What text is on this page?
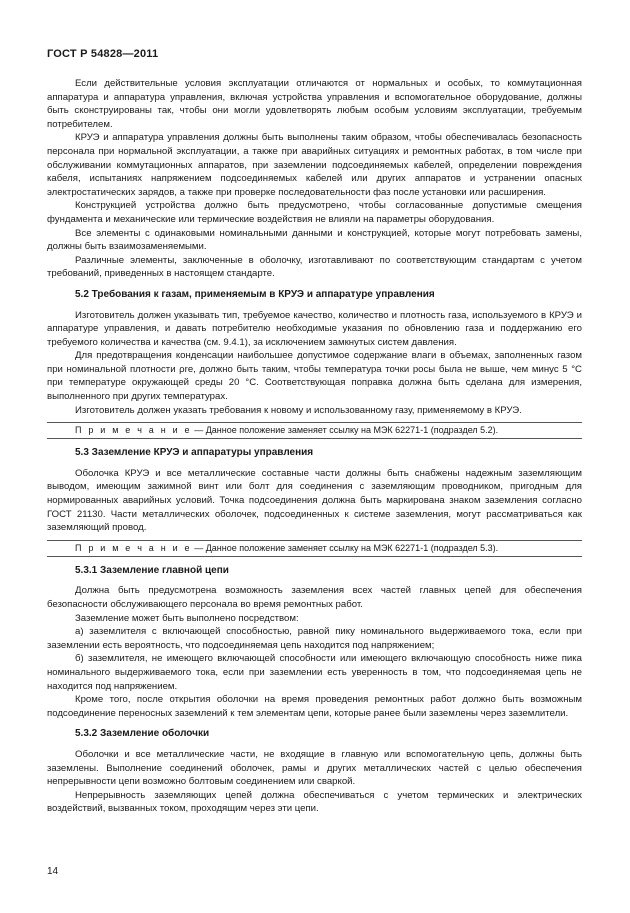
ГОСТ Р 54828—2011

Если действительные условия эксплуатации отличаются от нормальных и особых, то коммутационная аппаратура и аппаратура управления, включая устройства управления и вспомогательное оборудование, должны быть сконструированы так, чтобы они могли удовлетворять любым особым условиям эксплуатации, требуемым потребителем.

КРУЭ и аппаратура управления должны быть выполнены таким образом, чтобы обеспечивалась безопасность персонала при нормальной эксплуатации, а также при аварийных ситуациях и ремонтных работах, в том числе при обслуживании коммутационных аппаратов, при заземлении подсоединяемых кабелей, определении повреждения кабеля, испытаниях напряжением подсоединяемых кабелей или других аппаратов и устранении опасных электростатических зарядов, а также при проверке последовательности фаз после установки или расширения.

Конструкцией устройства должно быть предусмотрено, чтобы согласованные допустимые смещения фундамента и механические или термические воздействия не влияли на параметры оборудования.

Все элементы с одинаковыми номинальными данными и конструкцией, которые могут потребовать замены, должны быть взаимозаменяемыми.

Различные элементы, заключенные в оболочку, изготавливают по соответствующим стандартам с учетом требований, приведенных в настоящем стандарте.

5.2 Требования к газам, применяемым в КРУЭ и аппаратуре управления

Изготовитель должен указывать тип, требуемое качество, количество и плотность газа, используемого в КРУЭ и аппаратуре управления, и давать потребителю необходимые указания по обновлению газа и поддержанию его требуемого количества и качества (см. 9.4.1), за исключением замкнутых систем давления.

Для предотвращения конденсации наибольшее допустимое содержание влаги в объемах, заполненных газом при номинальной плотности ρre, должно быть таким, чтобы температура точки росы была не выше, чем минус 5 °C при температуре окружающей среды 20 °C. Соответствующая поправка должна быть сделана для измерения, выполненного при других температурах.

Изготовитель должен указать требования к новому и использованному газу, применяемому в КРУЭ.

П р и м е ч а н и е — Данное положение заменяет ссылку на МЭК 62271-1 (подраздел 5.2).
5.3 Заземление КРУЭ и аппаратуры управления

Оболочка КРУЭ и все металлические составные части должны быть снабжены надежным заземляющим выводом, имеющим зажимной винт или болт для соединения с заземляющим проводником, пригодным для нормированных аварийных условий. Точка подсоединения должна быть маркирована знаком заземления согласно ГОСТ 21130. Части металлических оболочек, подсоединенных к системе заземления, могут рассматриваться как заземляющий провод.

П р и м е ч а н и е — Данное положение заменяет ссылку на МЭК 62271-1 (подраздел 5.3).
5.3.1 Заземление главной цепи

Должна быть предусмотрена возможность заземления всех частей главных цепей для обеспечения безопасности обслуживающего персонала во время ремонтных работ.

Заземление может быть выполнено посредством:

а) заземлителя с включающей способностью, равной пику номинального выдерживаемого тока, если при заземлении есть вероятность, что подсоединяемая цепь находится под напряжением;

б) заземлителя, не имеющего включающей способности или имеющего включающую способность ниже пика номинального выдерживаемого тока, если при заземлении есть уверенность в том, что подсоединяемая цепь не находится под напряжением.

Кроме того, после открытия оболочки на время проведения ремонтных работ должно быть возможным подсоединение переносных заземлений к тем элементам цепи, которые ранее были заземлены через заземлители.

5.3.2 Заземление оболочки

Оболочки и все металлические части, не входящие в главную или вспомогательную цепь, должны быть заземлены. Выполнение соединений оболочек, рамы и других металлических частей с целью обеспечения непрерывности цепи возможно болтовым соединением или сваркой.

Непрерывность заземляющих цепей должна обеспечиваться с учетом термических и электрических воздействий, вызванных током, проходящим через эти цепи.

14
